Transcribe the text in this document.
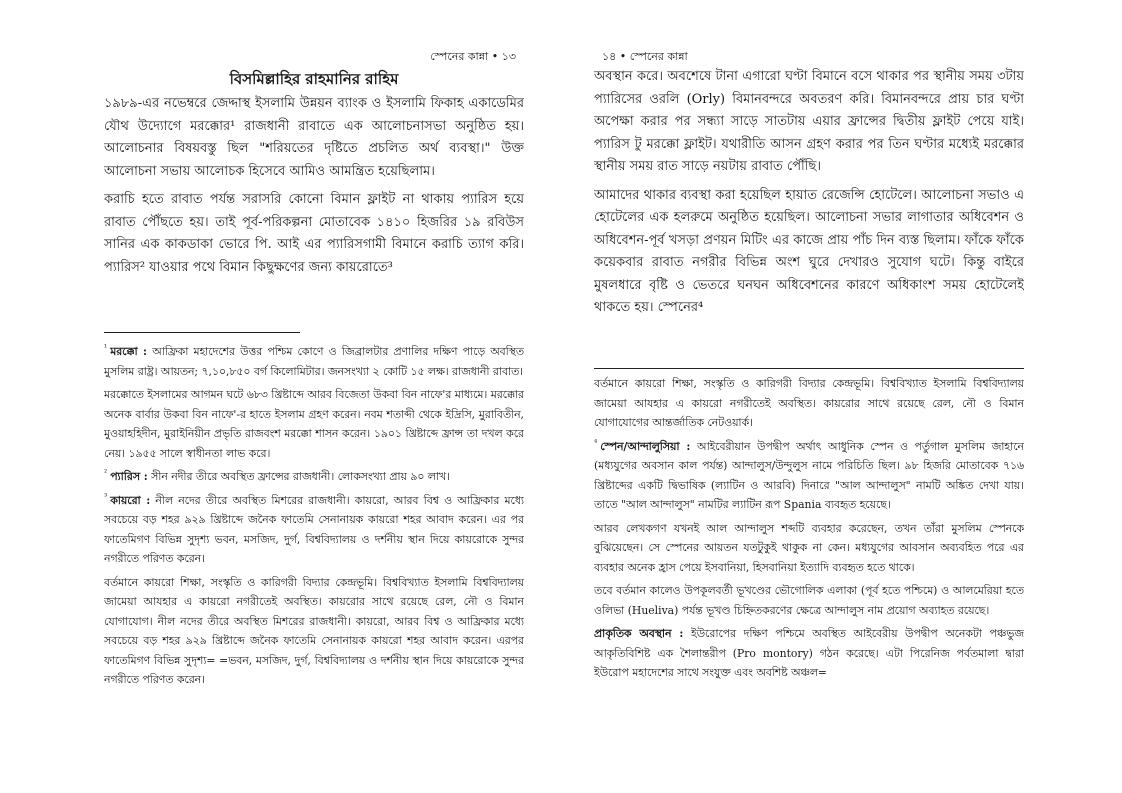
স্পেনের কান্না • ১৩
বিসমিল্লাহির রাহমানির রাহিম

১৯৮৯-এর নভেম্বরে জেদ্দাস্থ ইসলামি উন্নয়ন ব্যাংক ও ইসলামি ফিকাহ একাডেমির যৌথ উদ্যোগে মরক্কোর¹ রাজধানী রাবাতে এক আলোচনাসভা অনুষ্ঠিত হয়। আলোচনার বিষয়বস্তু ছিল "শরিয়তের দৃষ্টিতে প্রচলিত অর্থ ব্যবস্থা।" উক্ত আলোচনা সভায় আলোচক হিসেবে আমিও আমন্ত্রিত হয়েছিলাম।

করাচি হতে রাবাত পর্যন্ত সরাসরি কোনো বিমান ফ্লাইট না থাকায় প্যারিস হয়ে রাবাত পৌঁছতে হয়। তাই পূর্ব-পরিকল্পনা মোতাবেক ১৪১০ হিজরির ১৯ রবিউস সানির এক কাকডাকা ভোরে পি. আই এর প্যারিসগামী বিমানে করাচি ত্যাগ করি। প্যারিস² যাওয়ার পথে বিমান কিছুক্ষণের জন্য কায়রোতে³

$^{^1}$ মরক্কো : আফ্রিকা মহাদেশের উত্তর পশ্চিম কোণে ও জিব্রালটার প্রণালির দক্ষিণ পাড়ে অবস্থিত মুসলিম রাষ্ট্র। আয়তন; ৭,১০,৮৫০ বর্গ কিলোমিটার। জনসংখ্যা ২ কোটি ১৫ লক্ষ। রাজধানী রাবাত।

মরক্কোতে ইসলামের আগমন ঘটে ৬৮৩ খ্রিষ্টাব্দে আরব বিজেতা উকবা বিন নাফে'র মাধ্যমে। মরক্কোর অনেক বার্বার উকবা বিন নাফে'-র হাতে ইসলাম গ্রহণ করেন। নবম শতাব্দী থেকে ইদ্রিসি, মুরাবিতীন, মুওয়াহহিদীন, মুরাইনিয়ীন প্রভৃতি রাজবংশ মরক্কো শাসন করেন। ১৯০১ খ্রিষ্টাব্দে ফ্রান্স তা দখল করে নেয়। ১৯৫৫ সালে স্বাধীনতা লাভ করে।

$^{^2}$ প্যারিস : সীন নদীর তীরে অবস্থিত ফ্রান্সের রাজধানী। লোকসংখ্যা প্রায় ৯০ লাখ।

$^{^3}$ কায়রো : নীল নদের তীরে অবস্থিত মিশরের রাজধানী। কায়রো, আরব বিশ্ব ও আফ্রিকার মধ্যে সবচেয়ে বড় শহর ৯২৯ খ্রিষ্টাব্দে জনৈক ফাতেমি সেনানায়ক কায়রো শহর আবাদ করেন। এর পর ফাতেমিগণ বিভিন্ন সুদৃশ্য ভবন, মসজিদ, দুর্গ, বিশ্ববিদ্যালয় ও দর্শনীয় স্থান দিয়ে কায়রোকে সুন্দর নগরীতে পরিণত করেন।

বর্তমানে কায়রো শিক্ষা, সংস্কৃতি ও কারিগরী বিদ্যার কেন্দ্রভূমি। বিশ্ববিখ্যাত ইসলামি বিশ্ববিদ্যালয় জামেয়া আযহার এ কায়রো নগরীতেই অবস্থিত। কায়রোর সাথে রয়েছে রেল, নৌ ও বিমান যোগাযোগ। নীল নদের তীরে অবস্থিত মিশরের রাজধানী। কায়রো, আরব বিশ্ব ও আফ্রিকার মধ্যে সবচেয়ে বড় শহর ৯২৯ খ্রিষ্টাব্দে জনৈক ফাতেমি সেনানায়ক কায়রো শহর আবাদ করেন। এরপর ফাতেমিগণ বিভিন্ন সুদৃশ্য= =ভবন, মসজিদ, দুর্গ, বিশ্ববিদ্যালয় ও দর্শনীয় স্থান দিয়ে কায়রোকে সুন্দর নগরীতে পরিণত করেন।

১৪ • স্পেনের কান্না

অবস্থান করে। অবশেষে টানা এগারো ঘণ্টা বিমানে বসে থাকার পর স্থানীয় সময় ৩টায় প্যারিসের ওরলি (Orly) বিমানবন্দরে অবতরণ করি। বিমানবন্দরে প্রায় চার ঘণ্টা অপেক্ষা করার পর সন্ধ্যা সাড়ে সাতটায় এয়ার ফ্রান্সের দ্বিতীয় ফ্লাইট পেয়ে যাই। প্যারিস টু মরক্কো ফ্লাইট। যথারীতি আসন গ্রহণ করার পর তিন ঘণ্টার মধ্যেই মরক্কোর স্থানীয় সময় রাত সাড়ে নয়টায় রাবাত পৌঁছি।

আমাদের থাকার ব্যবস্থা করা হয়েছিল হায়াত রেজেন্সি হোটেলে। আলোচনা সভাও এ হোটেলের এক হলরুমে অনুষ্ঠিত হয়েছিল। আলোচনা সভার লাগাতার অধিবেশন ও অধিবেশন-পূর্ব খসড়া প্রণয়ন মিটিং এর কাজে প্রায় পাঁচ দিন ব্যস্ত ছিলাম। ফাঁকে ফাঁকে কয়েকবার রাবাত নগরীর বিভিন্ন অংশ ঘুরে দেখারও সুযোগ ঘটে। কিন্তু বাইরে মুষলধারে বৃষ্টি ও ভেতরে ঘনঘন অধিবেশনের কারণে অধিকাংশ সময় হোটেলেই থাকতে হয়। স্পেনের⁴

বর্তমানে কায়রো শিক্ষা, সংস্কৃতি ও কারিগরী বিদ্যার কেন্দ্রভূমি। বিশ্ববিখ্যাত ইসলামি বিশ্ববিদ্যালয় জামেয়া আযহার এ কায়রো নগরীতেই অবস্থিত। কায়রোর সাথে রয়েছে রেল, নৌ ও বিমান যোগাযোগের আন্তর্জাতিক নেটওয়ার্ক।

$^{^4}$ স্পেন/আন্দালুসিয়া : আইবেরীয়ান উপদ্বীপ অর্থাৎ আধুনিক স্পেন ও পর্তুগাল মুসলিম জাহানে (মধ্যযুগের অবসান কাল পর্যন্ত) আন্দালুস/উন্দুলুস নামে পরিচিতি ছিল। ৯৮ হিজরি মোতাবেক ৭১৬ খ্রিষ্টাব্দের একটি দ্বিভাষিক (ল্যাটিন ও আরবি) দিনারে "আল আন্দালুস" নামটি অঙ্কিত দেখা যায়। তাতে "আল আন্দালুস" নামটির ল্যাটিন রূপ Spania ব্যবহৃত হয়েছে।

আরব লেখকগণ যখনই আল আন্দালুস শব্দটি ব্যবহার করেছেন, তখন তাঁরা মুসলিম স্পেনকে বুঝিয়েছেন। সে স্পেনের আয়তন যতটুকুই থাকুক না কেন। মধ্যযুগের আবসান অব্যবহিত পরে এর ব্যবহার অনেক হ্রাস পেয়ে ইসবানিয়া, হিসবানিয়া ইত্যাদি ব্যবহৃত হতে থাকে।

তবে বর্তমান কালেও উপকূলবর্তী ভূখণ্ডের ভৌগোলিক এলাকা (পূর্ব হতে পশ্চিমে) ও আলমেরিয়া হতে ওলিভা (Hueliva) পর্যন্ত ভূখণ্ড চিহ্নিতকরণের ক্ষেত্রে আন্দালুস নাম প্রয়োগ অব্যাহত রয়েছে।

প্রাকৃতিক অবস্থান : ইউরোপের দক্ষিণ পশ্চিমে অবস্থিত আইবেরীয় উপদ্বীপ অনেকটা পঞ্চভুজ আকৃতিবিশিষ্ট এক শৈলান্তরীপ (Pro montory) গঠন করেছে। এটা পিরেনিজ পর্বতমালা দ্বারা ইউরোপ মহাদেশের সাথে সংযুক্ত এবং অবশিষ্ট অঞ্চল=
